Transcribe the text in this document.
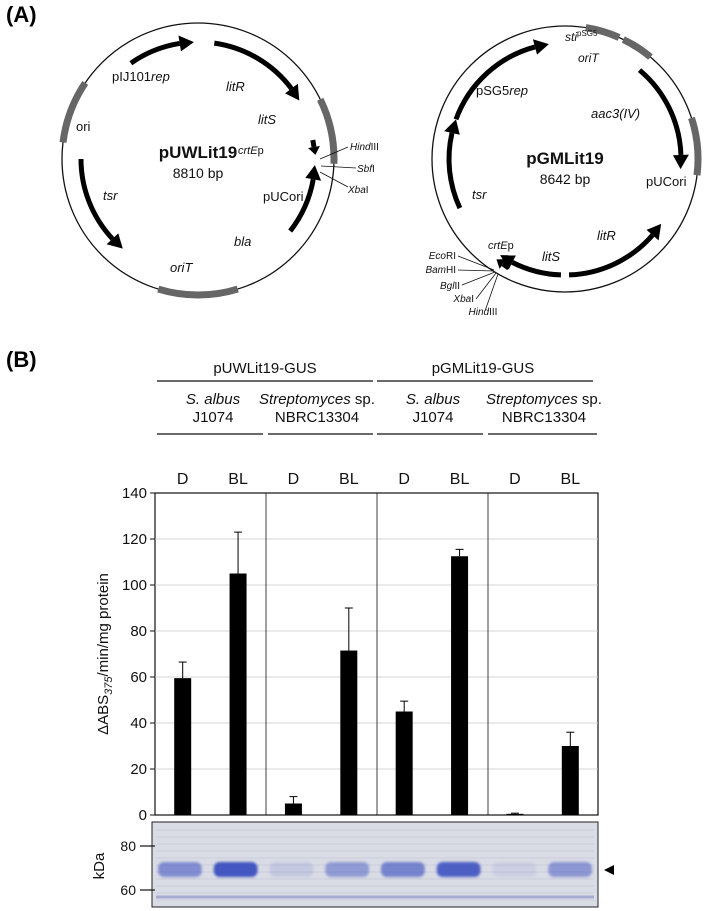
(A)
(B)
pUWLit19
8810 bp
pIJ101rep
litR
litS
crtEp
ori
tsr	pUCori
bla
oriT
HindIII
SbfI
XbaI
pGMLit19
8642 bp
sti$^{pSG5}$
oriT
pSG5rep
aac3(IV)
pUCori
tsr
litR
litS
crtEp
EcoRI
BamHI
BglII
XbaI
HindIII
pUWLit19-GUS	pGMLit19-GUS
S. albus
J1074
Streptomyces sp.
NBRC13304
S. albus
J1074
Streptomyces sp.
NBRC13304
0
20
40
60
80
100
120
140
D BL D BL D BL D BL
$\Delta ABS_{375}/\min/mg$ protein
kDa
80
60
